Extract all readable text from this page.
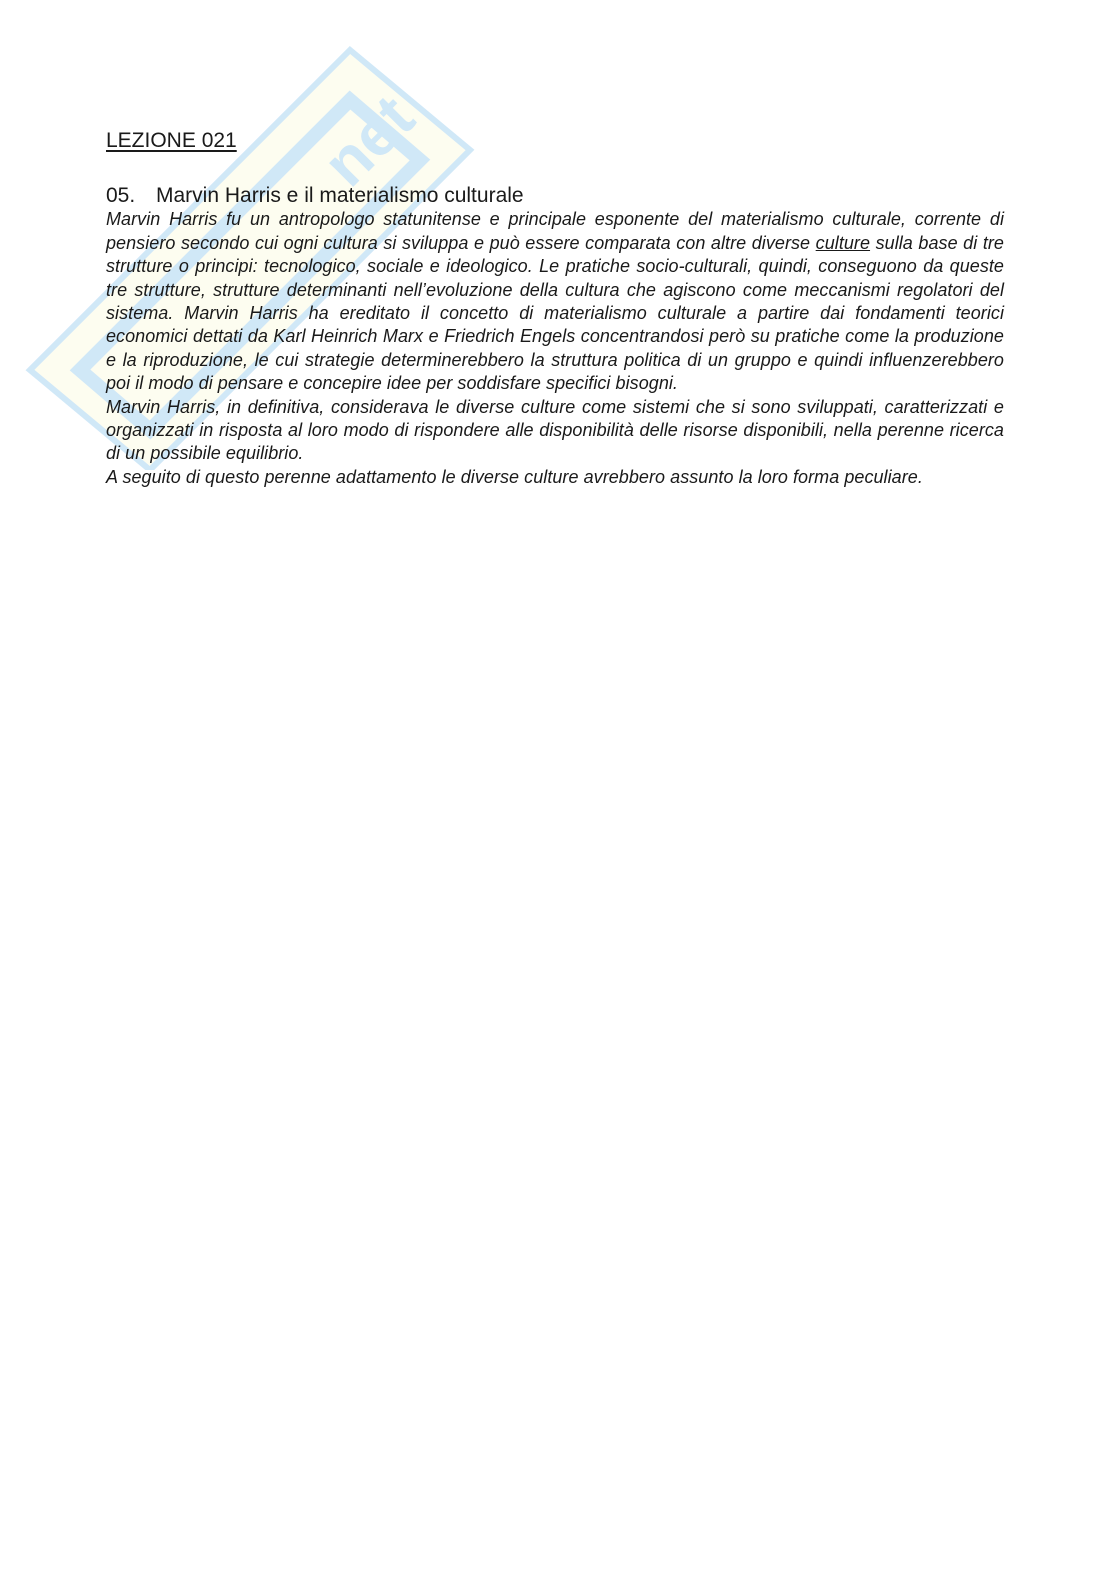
net
LEZIONE 021
05. Marvin Harris e il materialismo culturale

Marvin Harris fu un antropologo statunitense e principale esponente del materialismo culturale, corrente di pensiero secondo cui ogni cultura si sviluppa e può essere comparata con altre diverse culture sulla base di tre strutture o principi: tecnologico, sociale e ideologico. Le pratiche socio-culturali, quindi, conseguono da queste tre strutture, strutture determinanti nell’evoluzione della cultura che agiscono come meccanismi regolatori del sistema. Marvin Harris ha ereditato il concetto di materialismo culturale a partire dai fondamenti teorici economici dettati da Karl Heinrich Marx e Friedrich Engels concentrandosi però su pratiche come la produzione e la riproduzione, le cui strategie determinerebbero la struttura politica di un gruppo e quindi influenzerebbero poi il modo di pensare e concepire idee per soddisfare specifici bisogni.

Marvin Harris, in definitiva, considerava le diverse culture come sistemi che si sono sviluppati, caratterizzati e organizzati in risposta al loro modo di rispondere alle disponibilità delle risorse disponibili, nella perenne ricerca di un possibile equilibrio.

A seguito di questo perenne adattamento le diverse culture avrebbero assunto la loro forma peculiare.
